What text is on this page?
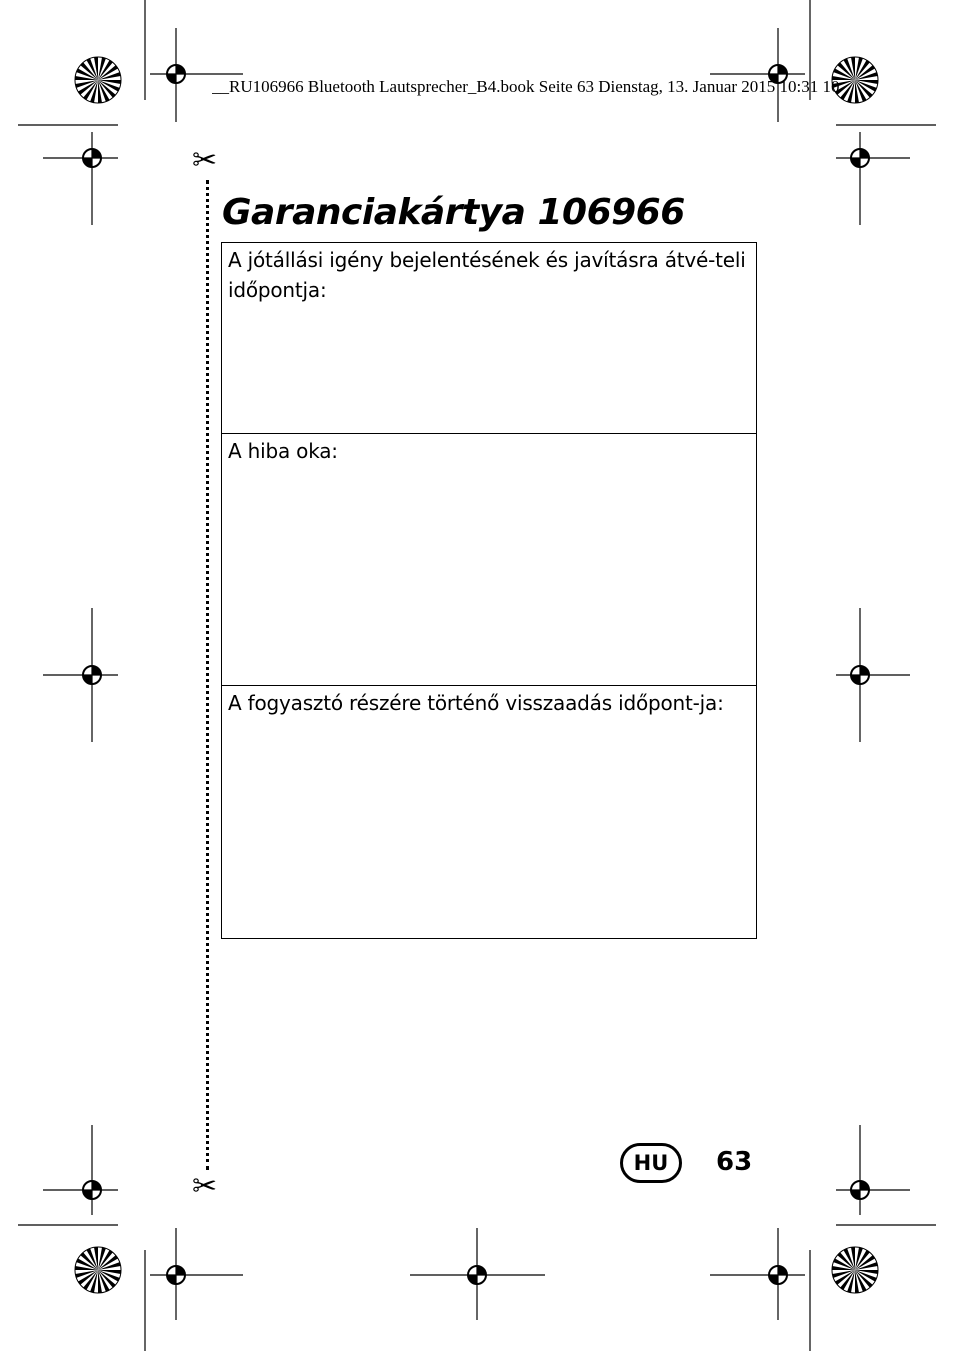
__RU106966 Bluetooth Lautsprecher_B4.book Seite 63 Dienstag, 13. Januar 2015 10:31 10
✂
✂
Garanciakártya 106966

A jótállási igény bejelentésének és javításra átvé-teli időpontja:

A hiba oka:

A fogyasztó részére történő visszaadás időpont-ja:

HU	63
